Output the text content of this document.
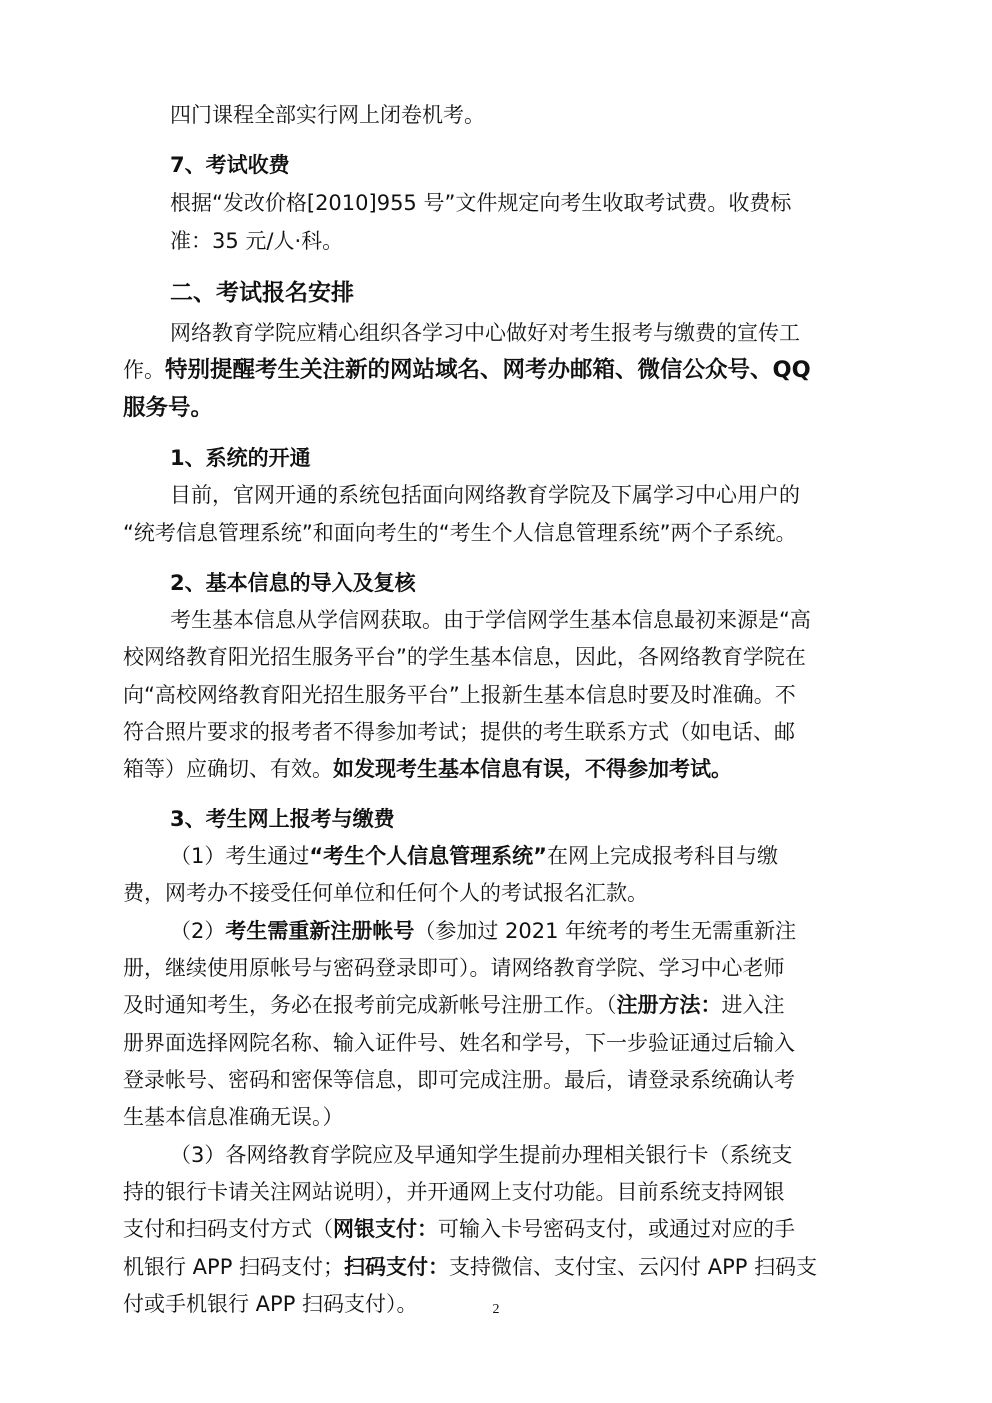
四门课程全部实行网上闭卷机考。
7、考试收费
根据“发改价格[2010]955 号”文件规定向考生收取考试费。收费标
准：35 元/人·科。
二、考试报名安排
网络教育学院应精心组织各学习中心做好对考生报考与缴费的宣传工
作。特别提醒考生关注新的网站域名、网考办邮箱、微信公众号、QQ
服务号。
1、系统的开通
目前，官网开通的系统包括面向网络教育学院及下属学习中心用户的
“统考信息管理系统”和面向考生的“考生个人信息管理系统”两个子系统。
2、基本信息的导入及复核
考生基本信息从学信网获取。由于学信网学生基本信息最初来源是“高
校网络教育阳光招生服务平台”的学生基本信息，因此，各网络教育学院在
向“高校网络教育阳光招生服务平台”上报新生基本信息时要及时准确。不
符合照片要求的报考者不得参加考试；提供的考生联系方式（如电话、邮
箱等）应确切、有效。如发现考生基本信息有误，不得参加考试。
3、考生网上报考与缴费
（1）考生通过“考生个人信息管理系统”在网上完成报考科目与缴
费，网考办不接受任何单位和任何个人的考试报名汇款。
（2）考生需重新注册帐号（参加过 2021 年统考的考生无需重新注
册，继续使用原帐号与密码登录即可）。请网络教育学院、学习中心老师
及时通知考生，务必在报考前完成新帐号注册工作。（注册方法：进入注
册界面选择网院名称、输入证件号、姓名和学号，下一步验证通过后输入
登录帐号、密码和密保等信息，即可完成注册。最后，请登录系统确认考
生基本信息准确无误。）
（3）各网络教育学院应及早通知学生提前办理相关银行卡（系统支
持的银行卡请关注网站说明），并开通网上支付功能。目前系统支持网银
支付和扫码支付方式（网银支付：可输入卡号密码支付，或通过对应的手
机银行 APP 扫码支付；扫码支付：支持微信、支付宝、云闪付 APP 扫码支
付或手机银行 APP 扫码支付）。	2
